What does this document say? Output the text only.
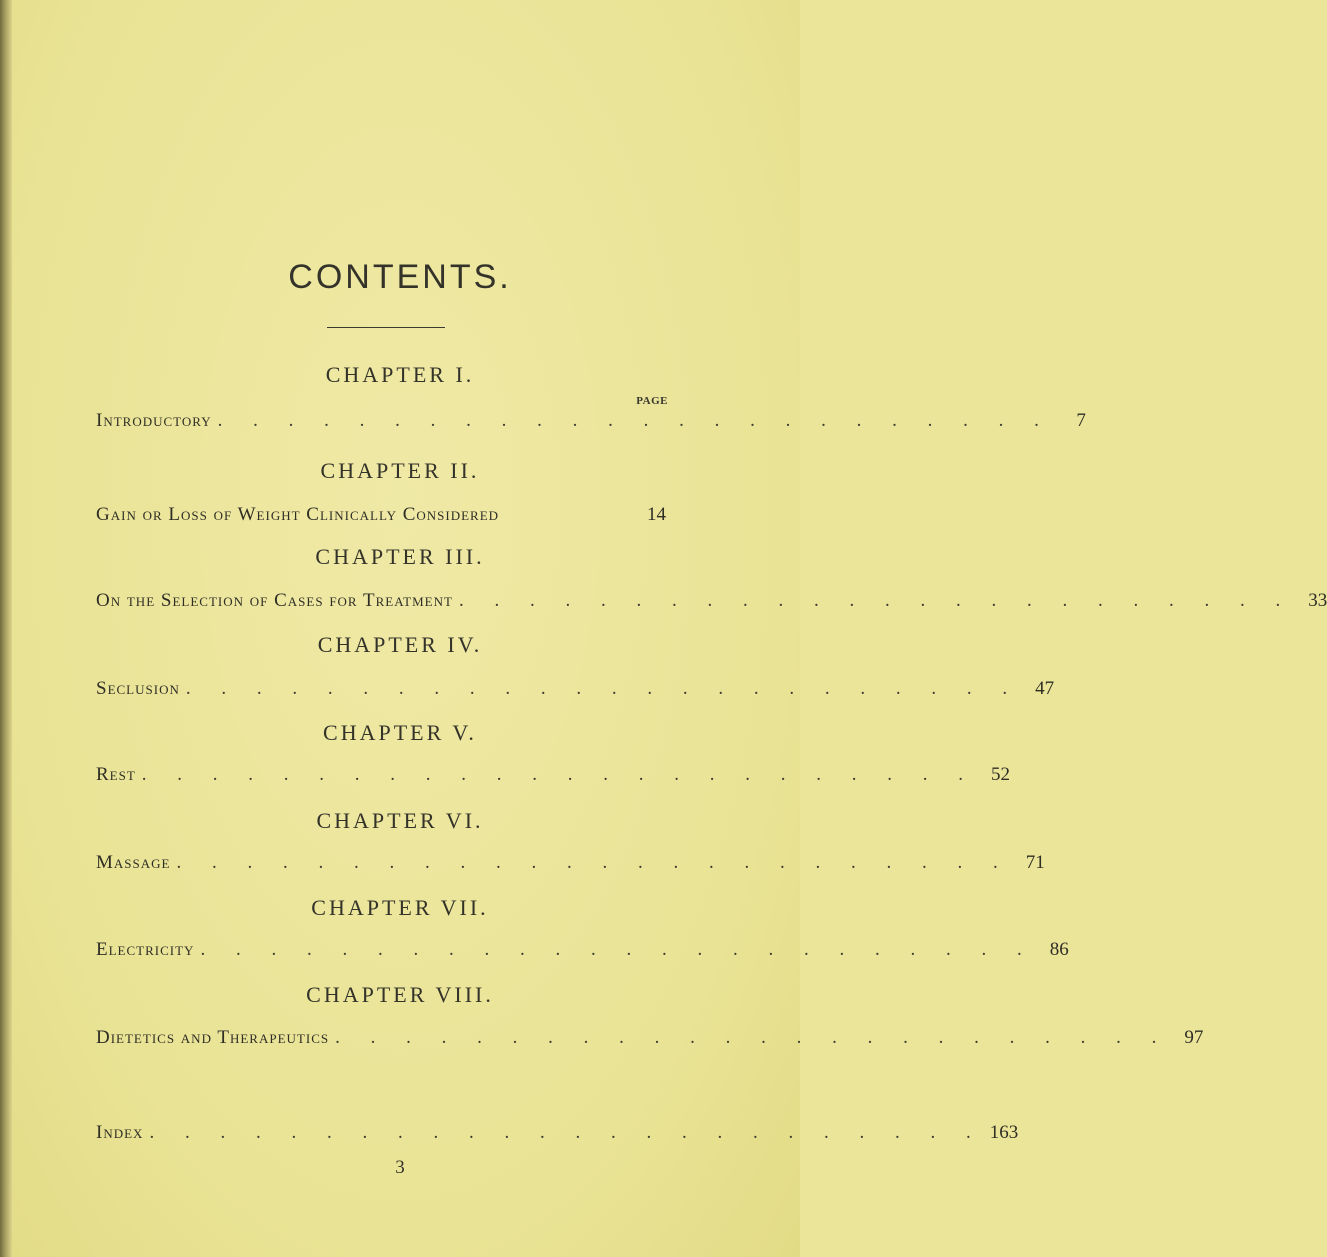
CONTENTS.
PAGE
CHAPTER I.
Introductory . . . . . . . . . . . . . . . . . . . . . . . .	7
CHAPTER II.
Gain or Loss of Weight Clinically Considered	14
CHAPTER III.
On the Selection of Cases for Treatment . . . . . . . . . . . . . . . . . . . . . . . . 33
CHAPTER IV.
Seclusion . . . . . . . . . . . . . . . . . . . . . . . . 47
CHAPTER V.
Rest . . . . . . . . . . . . . . . . . . . . . . . . 52
CHAPTER VI.
Massage . . . . . . . . . . . . . . . . . . . . . . . . 71
CHAPTER VII.
Electricity . . . . . . . . . . . . . . . . . . . . . . . . 86
CHAPTER VIII.
Dietetics and Therapeutics . . . . . . . . . . . . . . . . . . . . . . . . 97
Index . . . . . . . . . . . . . . . . . . . . . . . . 163
3
